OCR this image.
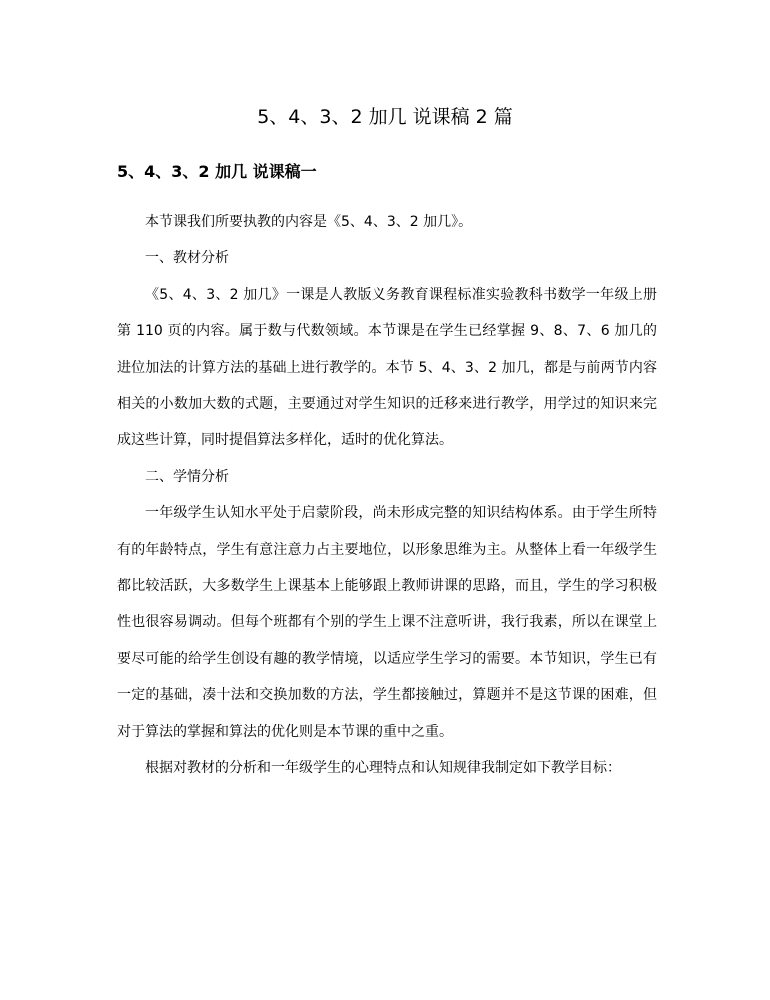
5、4、3、2 加几 说课稿 2 篇
5、4、3、2 加几 说课稿一

本节课我们所要执教的内容是《5、4、3、2 加几》。

一、教材分析

《5、4、3、2 加几》一课是人教版义务教育课程标准实验教科书数学一年级上册第 110 页的内容。属于数与代数领域。本节课是在学生已经掌握 9、8、7、6 加几的进位加法的计算方法的基础上进行教学的。本节 5、4、3、2 加几，都是与前两节内容相关的小数加大数的式题，主要通过对学生知识的迁移来进行教学，用学过的知识来完成这些计算，同时提倡算法多样化，适时的优化算法。

二、学情分析

一年级学生认知水平处于启蒙阶段，尚未形成完整的知识结构体系。由于学生所特有的年龄特点，学生有意注意力占主要地位，以形象思维为主。从整体上看一年级学生都比较活跃，大多数学生上课基本上能够跟上教师讲课的思路，而且，学生的学习积极性也很容易调动。但每个班都有个别的学生上课不注意听讲，我行我素，所以在课堂上要尽可能的给学生创设有趣的教学情境，以适应学生学习的需要。本节知识，学生已有一定的基础，凑十法和交换加数的方法，学生都接触过，算题并不是这节课的困难，但对于算法的掌握和算法的优化则是本节课的重中之重。

根据对教材的分析和一年级学生的心理特点和认知规律我制定如下教学目标：
